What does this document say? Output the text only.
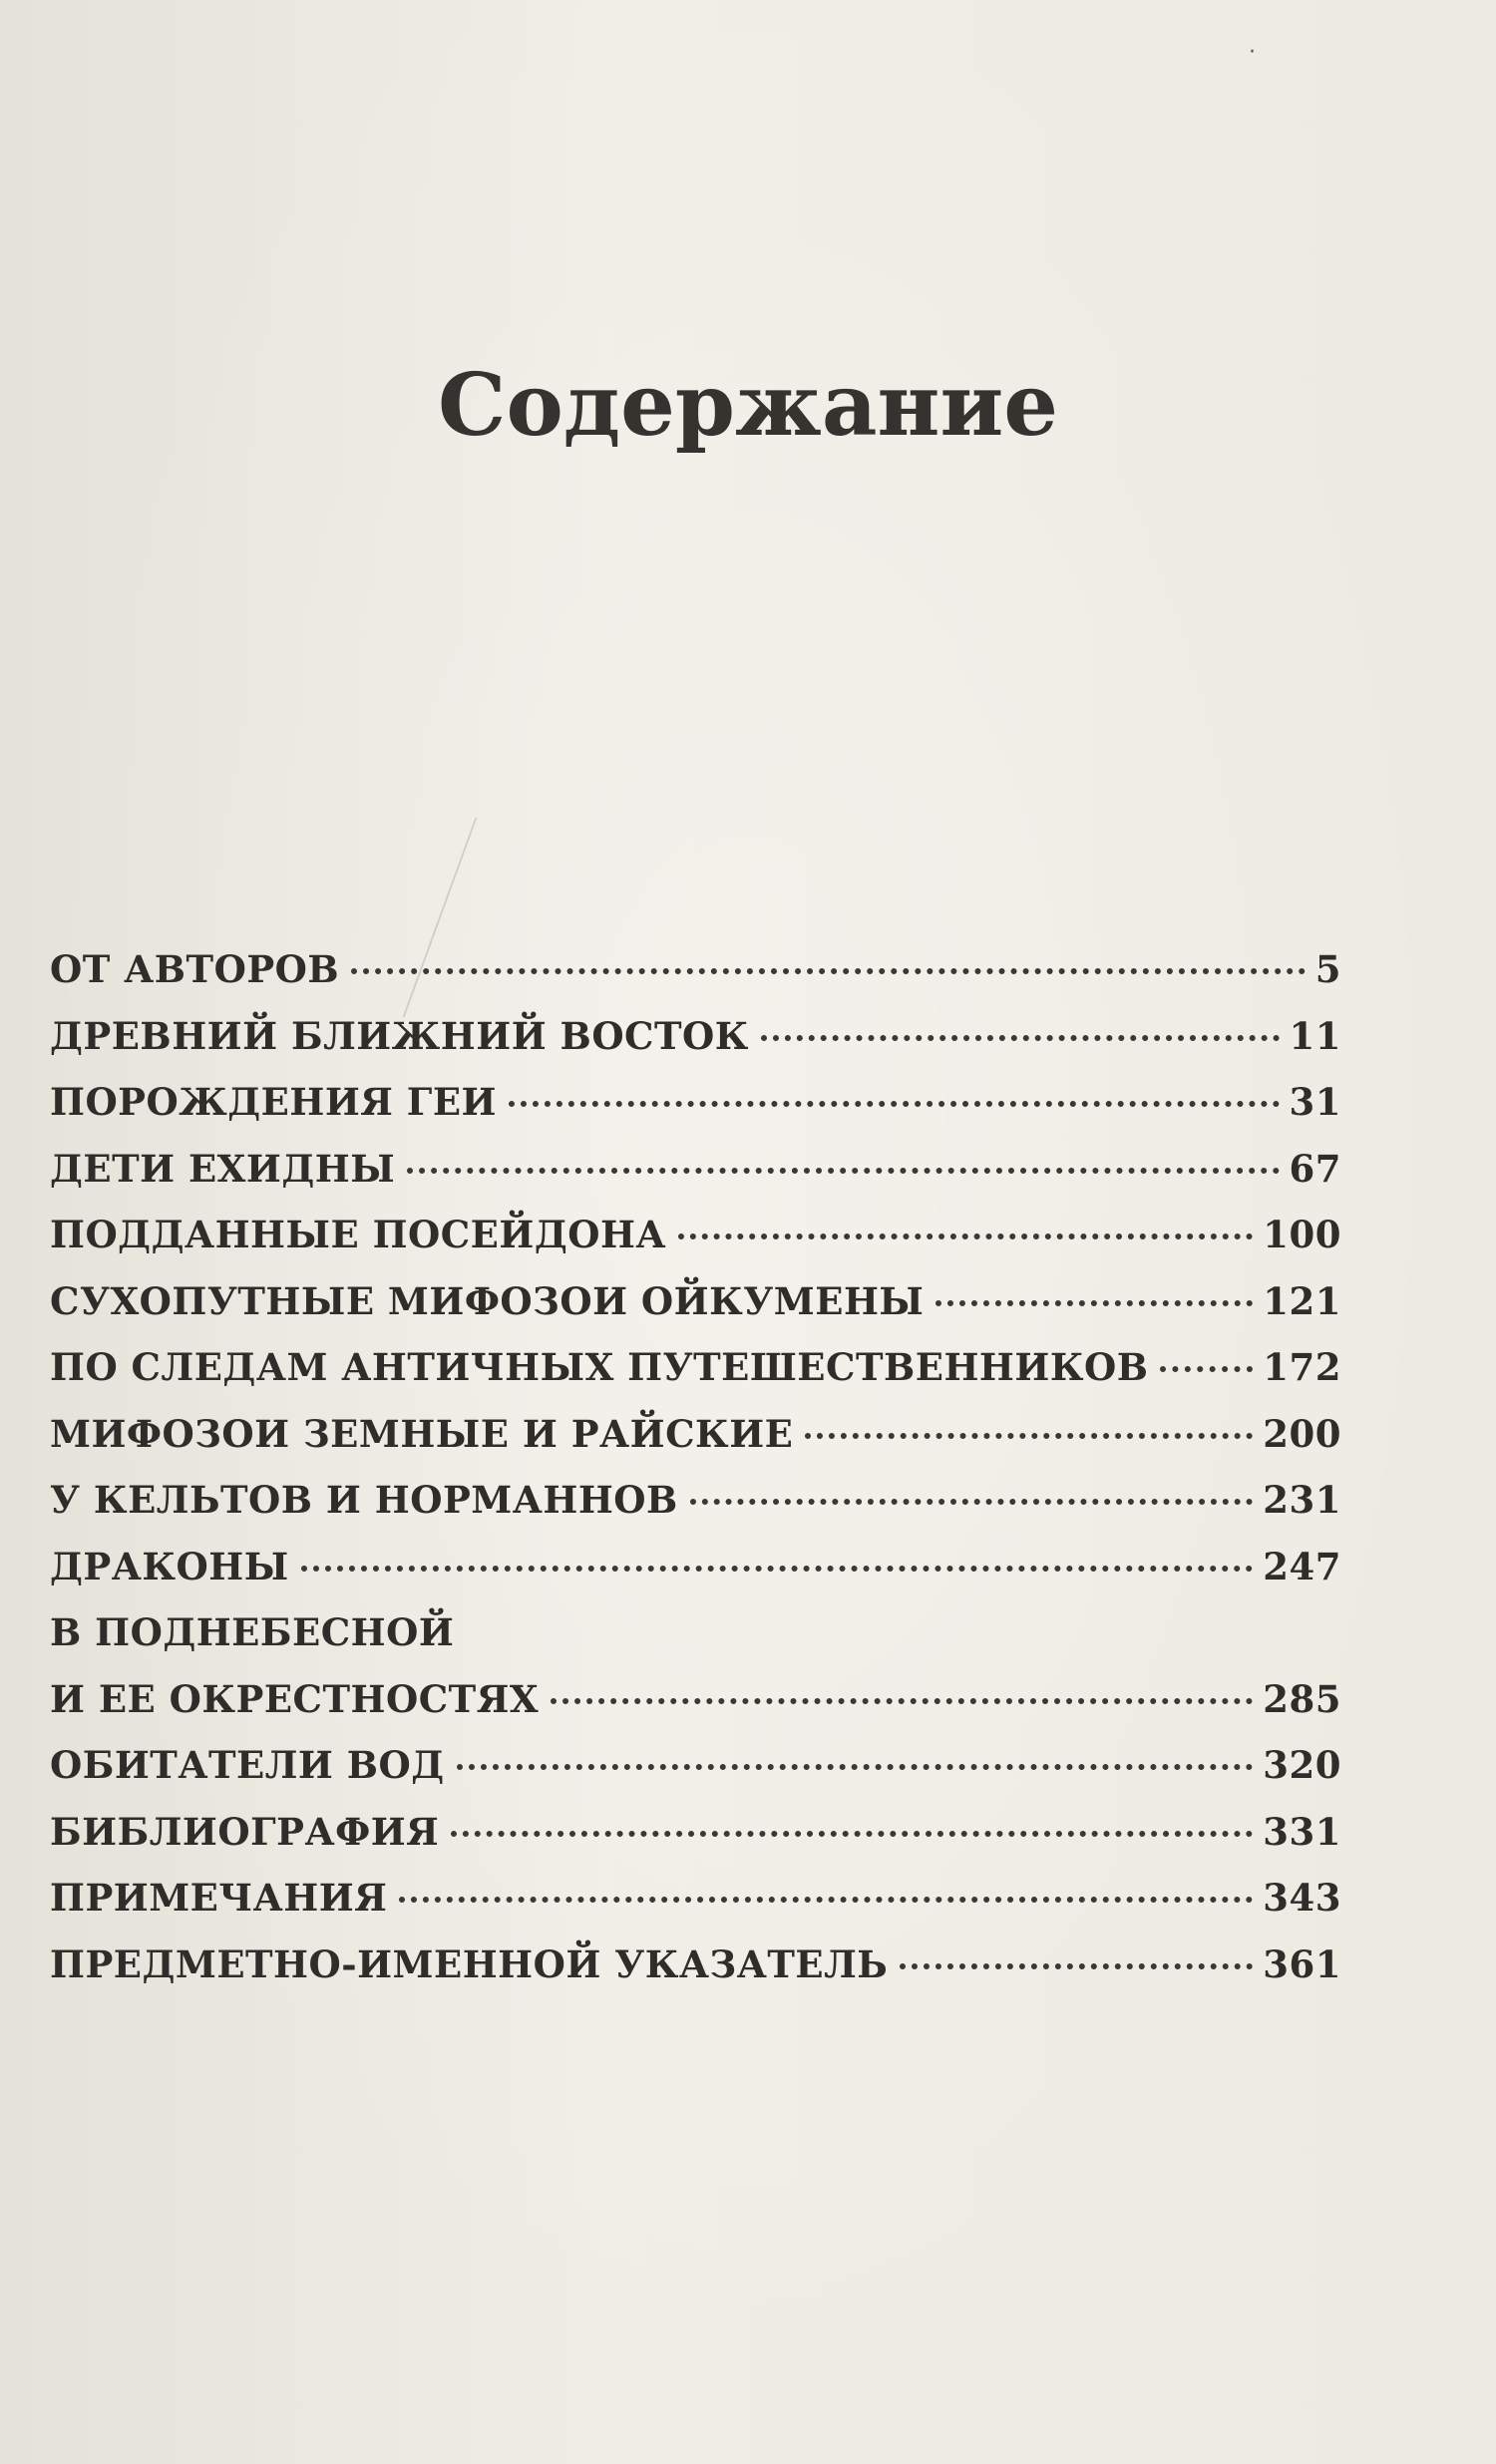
·
Содержание
ОТ АВТОРОВ	5
ДРЕВНИЙ БЛИЖНИЙ ВОСТОК	11
ПОРОЖДЕНИЯ ГЕИ	31
ДЕТИ ЕХИДНЫ	67
ПОДДАННЫЕ ПОСЕЙДОНА	100
СУХОПУТНЫЕ МИФОЗОИ ОЙКУМЕНЫ	121
ПО СЛЕДАМ АНТИЧНЫХ ПУТЕШЕСТВЕННИКОВ	172
МИФОЗОИ ЗЕМНЫЕ И РАЙСКИЕ	200
У КЕЛЬТОВ И НОРМАННОВ	231
ДРАКОНЫ	247
В ПОДНЕБЕСНОЙ
И ЕЕ ОКРЕСТНОСТЯХ	285
ОБИТАТЕЛИ ВОД	320
БИБЛИОГРАФИЯ	331
ПРИМЕЧАНИЯ	343
ПРЕДМЕТНО-ИМЕННОЙ УКАЗАТЕЛЬ	361
